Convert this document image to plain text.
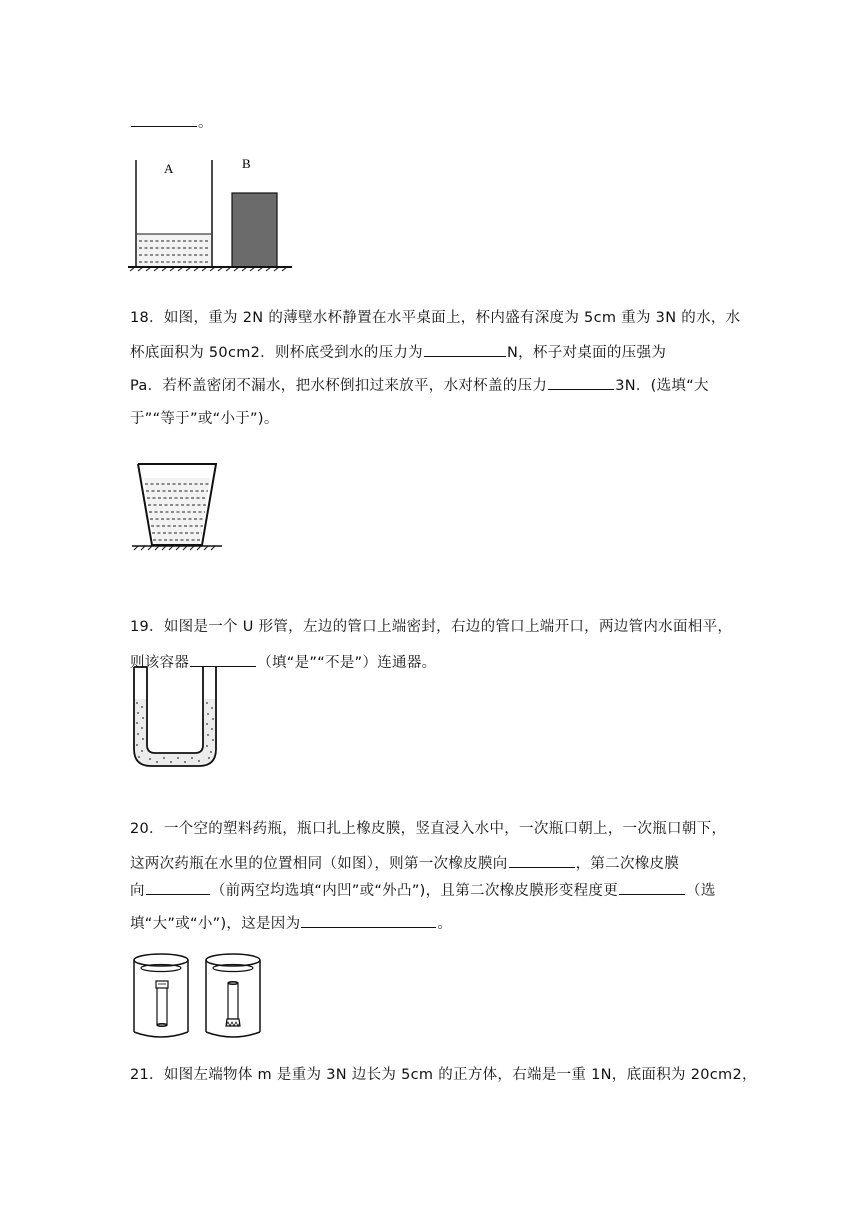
。
A	B
18．如图，重为 2N 的薄壁水杯静置在水平桌面上，杯内盛有深度为 5cm 重为 3N 的水，水
杯底面积为 50cm2．则杯底受到水的压力为	N，杯子对桌面的压强为
Pa．若杯盖密闭不漏水，把水杯倒扣过来放平，水对杯盖的压力	3N．(选填“大
于”“等于”或“小于”)。
19．如图是一个 U 形管，左边的管口上端密封，右边的管口上端开口，两边管内水面相平，
则该容器	（填“是”“不是”）连通器。
20．一个空的塑料药瓶，瓶口扎上橡皮膜，竖直浸入水中，一次瓶口朝上，一次瓶口朝下，
这两次药瓶在水里的位置相同（如图），则第一次橡皮膜向	，第二次橡皮膜
向	（前两空均选填“内凹”或“外凸”)，且第二次橡皮膜形变程度更	（选
填“大”或“小”)，这是因为	。
21．如图左端物体 m 是重为 3N 边长为 5cm 的正方体，右端是一重 1N，底面积为 20cm2，
